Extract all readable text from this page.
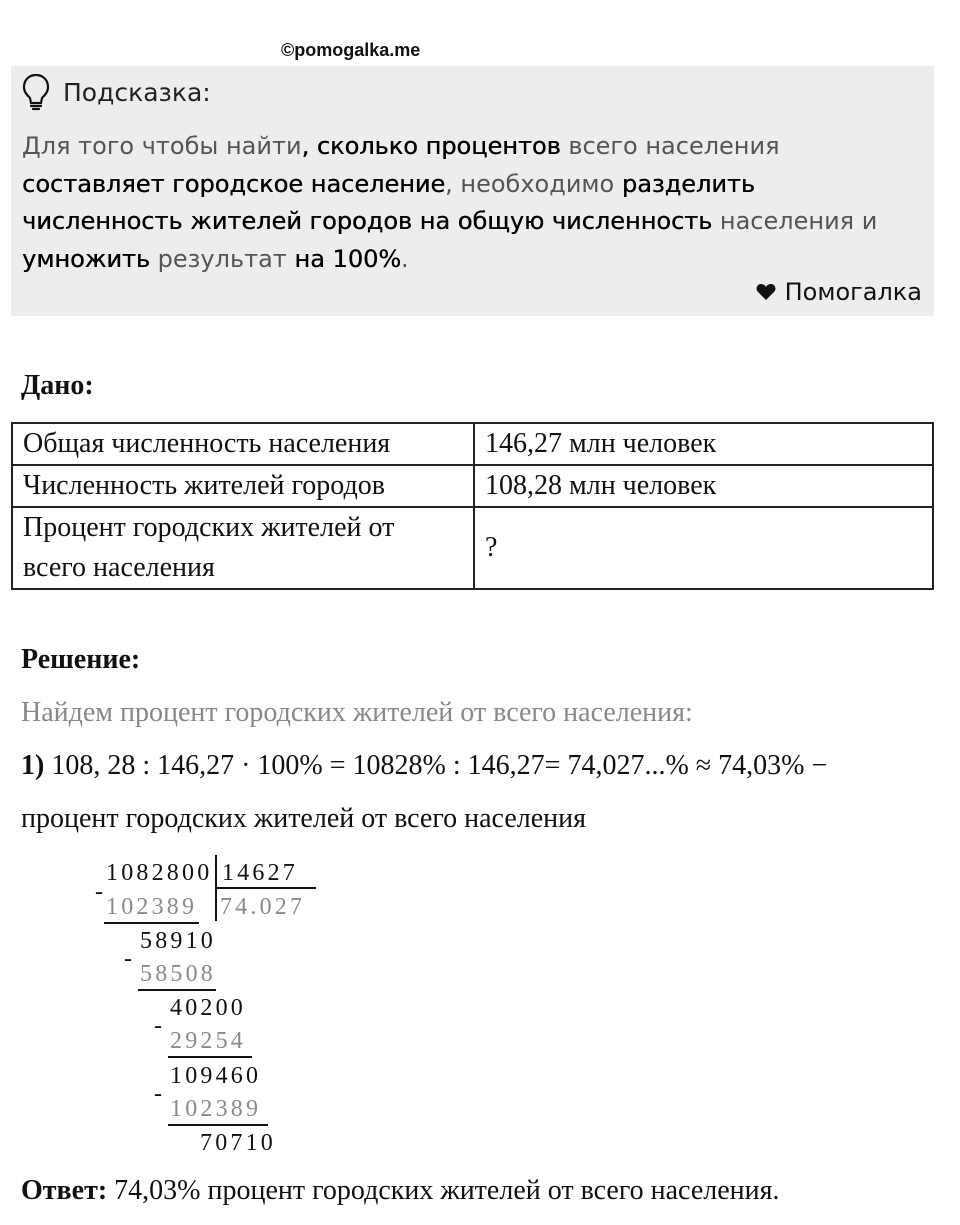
©pomogalka.me
Подсказка:
Для того чтобы найти, сколько процентов всего населения составляет городское население, необходимо разделить численность жителей городов на общую численность населения и умножить результат на 100%.
Помогалка
Дано:
Общая численность населения	146,27 млн человек
Численность жителей городов	108,28 млн человек
Процент городских жителей от всего населения	?
Решение:
Найдем процент городских жителей от всего населения:
1) 108, 28 : 146,27 · 100% = 10828% : 146,27= 74,027...% ≈ 74,03% −
процент городских жителей от всего населения
1082800 14627
74.027
-
102389
58910
-
58508
40200
-
29254
109460
-
102389
70710
Ответ: 74,03% процент городских жителей от всего населения.
